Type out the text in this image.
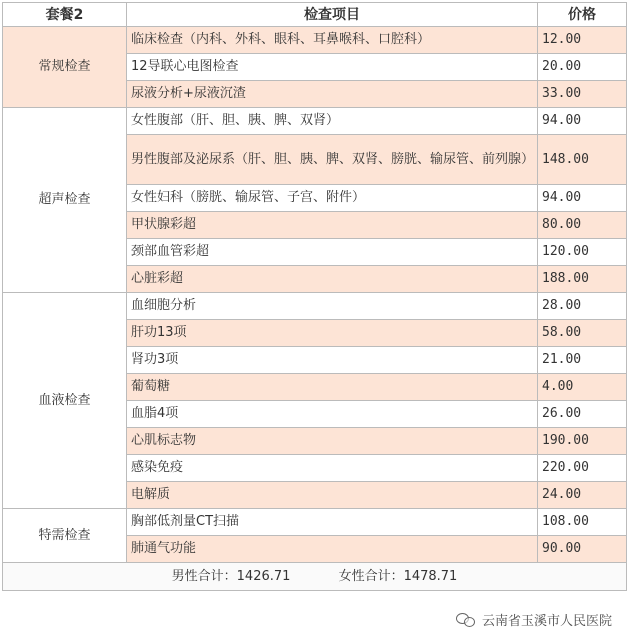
套餐2	检查项目	价格
常规检查	临床检查（内科、外科、眼科、耳鼻喉科、口腔科）	12.00
	12导联心电图检查	20.00
	尿液分析+尿液沉渣	33.00
超声检查	女性腹部（肝、胆、胰、脾、双肾）	94.00
	男性腹部及泌尿系（肝、胆、胰、脾、双肾、膀胱、输尿管、前列腺）	148.00
	女性妇科（膀胱、输尿管、子宫、附件）	94.00
	甲状腺彩超	80.00
	颈部血管彩超	120.00
	心脏彩超	188.00
血液检查	血细胞分析	28.00
	肝功13项	58.00
	肾功3项	21.00
	葡萄糖	4.00
	血脂4项	26.00
	心肌标志物	190.00
	感染免疫	220.00
	电解质	24.00
特需检查	胸部低剂量CT扫描	108.00
	肺通气功能	90.00
男性合计：1426.71 女性合计：1478.71		
云南省玉溪市人民医院
